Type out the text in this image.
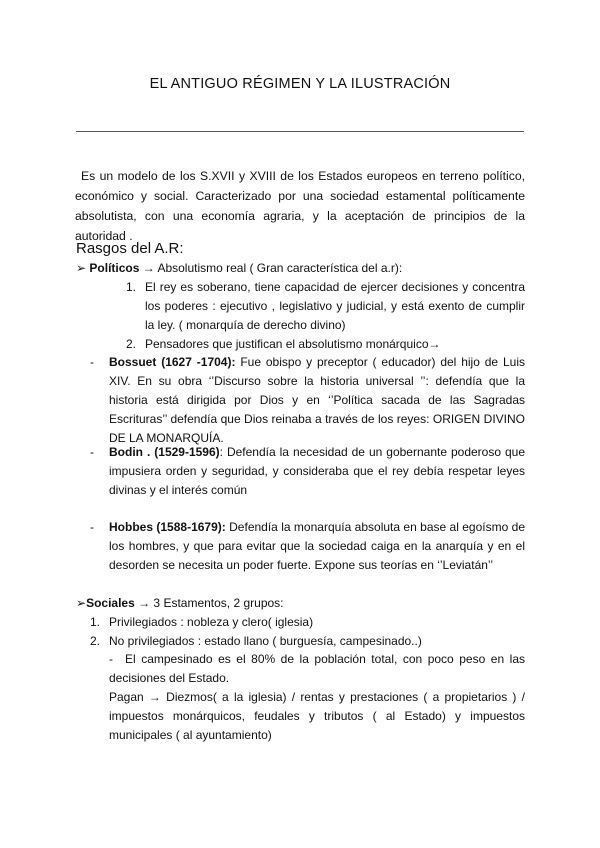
EL ANTIGUO RÉGIMEN Y LA ILUSTRACIÓN

Es un modelo de los S.XVII y XVIII de los Estados europeos en terreno político, económico y social. Caracterizado por una sociedad estamental políticamente absolutista, con una economía agraria, y la aceptación de principios de la autoridad .

Rasgos del A.R:
➢ Políticos → Absolutismo real ( Gran característica del a.r):
1. El rey es soberano, tiene capacidad de ejercer decisiones y concentra los poderes : ejecutivo , legislativo y judicial, y está exento de cumplir la ley. ( monarquía de derecho divino)
2. Pensadores que justifican el absolutismo monárquico→
- Bossuet (1627 -1704): Fue obispo y preceptor ( educador) del hijo de Luis XIV. En su obra ‘’Discurso sobre la historia universal ’’: defendía que la historia está dirigida por Dios y en ‘’Política sacada de las Sagradas Escrituras’’ defendía que Dios reinaba a través de los reyes: ORIGEN DIVINO DE LA MONARQUÍA.
- Bodin . (1529-1596): Defendía la necesidad de un gobernante poderoso que impusiera orden y seguridad, y consideraba que el rey debía respetar leyes divinas y el interés común
- Hobbes (1588-1679): Defendía la monarquía absoluta en base al egoísmo de los hombres, y que para evitar que la sociedad caiga en la anarquía y en el desorden se necesita un poder fuerte. Expone sus teorías en ‘’Leviatán’’
➢Sociales → 3 Estamentos, 2 grupos:
1. Privilegiados : nobleza y clero( iglesia)
2. No privilegiados : estado llano ( burguesía, campesinado..)
-	El campesinado es el 80% de la población total, con poco peso en las decisiones del Estado.
Pagan → Diezmos( a la iglesia) / rentas y prestaciones ( a propietarios ) / impuestos monárquicos, feudales y tributos ( al Estado) y impuestos municipales ( al ayuntamiento)
